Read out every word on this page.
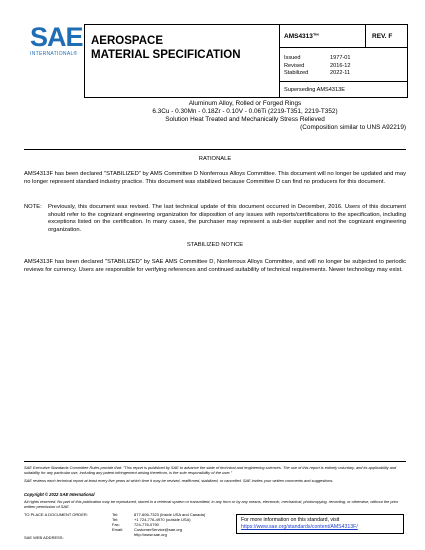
SAE
INTERNATIONAL®
AEROSPACE
MATERIAL SPECIFICATION
AMS4313™	REV. F
Issued	1977-01
Revised	2016-12
Stabilized	2022-11
Superseding AMS4313E
Aluminum Alloy, Rolled or Forged Rings
6.3Cu - 0.30Mn - 0.18Zr - 0.10V - 0.06Ti (2219-T351, 2219-T352)
Solution Heat Treated and Mechanically Stress Relieved
(Composition similar to UNS A92219)
RATIONALE
AMS4313F has been declared "STABILIZED" by AMS Committee D Nonferrous Alloys Committee. This document will no longer be updated and may no longer represent standard industry practice. This document was stabilized because Committee D can find no producers for this document.
NOTE: Previously, this document was revised. The last technical update of this document occurred in December, 2016. Users of this document should refer to the cognizant engineering organization for disposition of any issues with reports/certifications to the specification, including exceptions listed on the certification. In many cases, the purchaser may represent a sub-tier supplier and not the cognizant engineering organization.
STABILIZED NOTICE
AMS4313F has been declared "STABILIZED" by SAE AMS Committee D, Nonferrous Alloys Committee, and will no longer be subjected to periodic reviews for currency. Users are responsible for verifying references and continued suitability of technical requirements. Newer technology may exist.
SAE Executive Standards Committee Rules provide that: "This report is published by SAE to advance the state of technical and engineering sciences. The use of this report is entirely voluntary, and its applicability and suitability for any particular use, including any patent infringement arising therefrom, is the sole responsibility of the user."
SAE reviews each technical report at least every five years at which time it may be revised, reaffirmed, stabilized, or cancelled. SAE invites your written comments and suggestions.
Copyright © 2022 SAE International
All rights reserved. No part of this publication may be reproduced, stored in a retrieval system or transmitted, in any form or by any means, electronic, mechanical, photocopying, recording, or otherwise, without the prior written permission of SAE.
TO PLACE A DOCUMENT ORDER:	Tel:	877-606-7323 (inside USA and Canada)
Tel:	+1 724-776-4970 (outside USA)
Fax:	724-776-0790
Email:	CustomerService@sae.org
http://www.sae.org
SAE WEB ADDRESS:
For more information on this standard, visit
https://www.sae.org/standards/content/AMS4313F/
